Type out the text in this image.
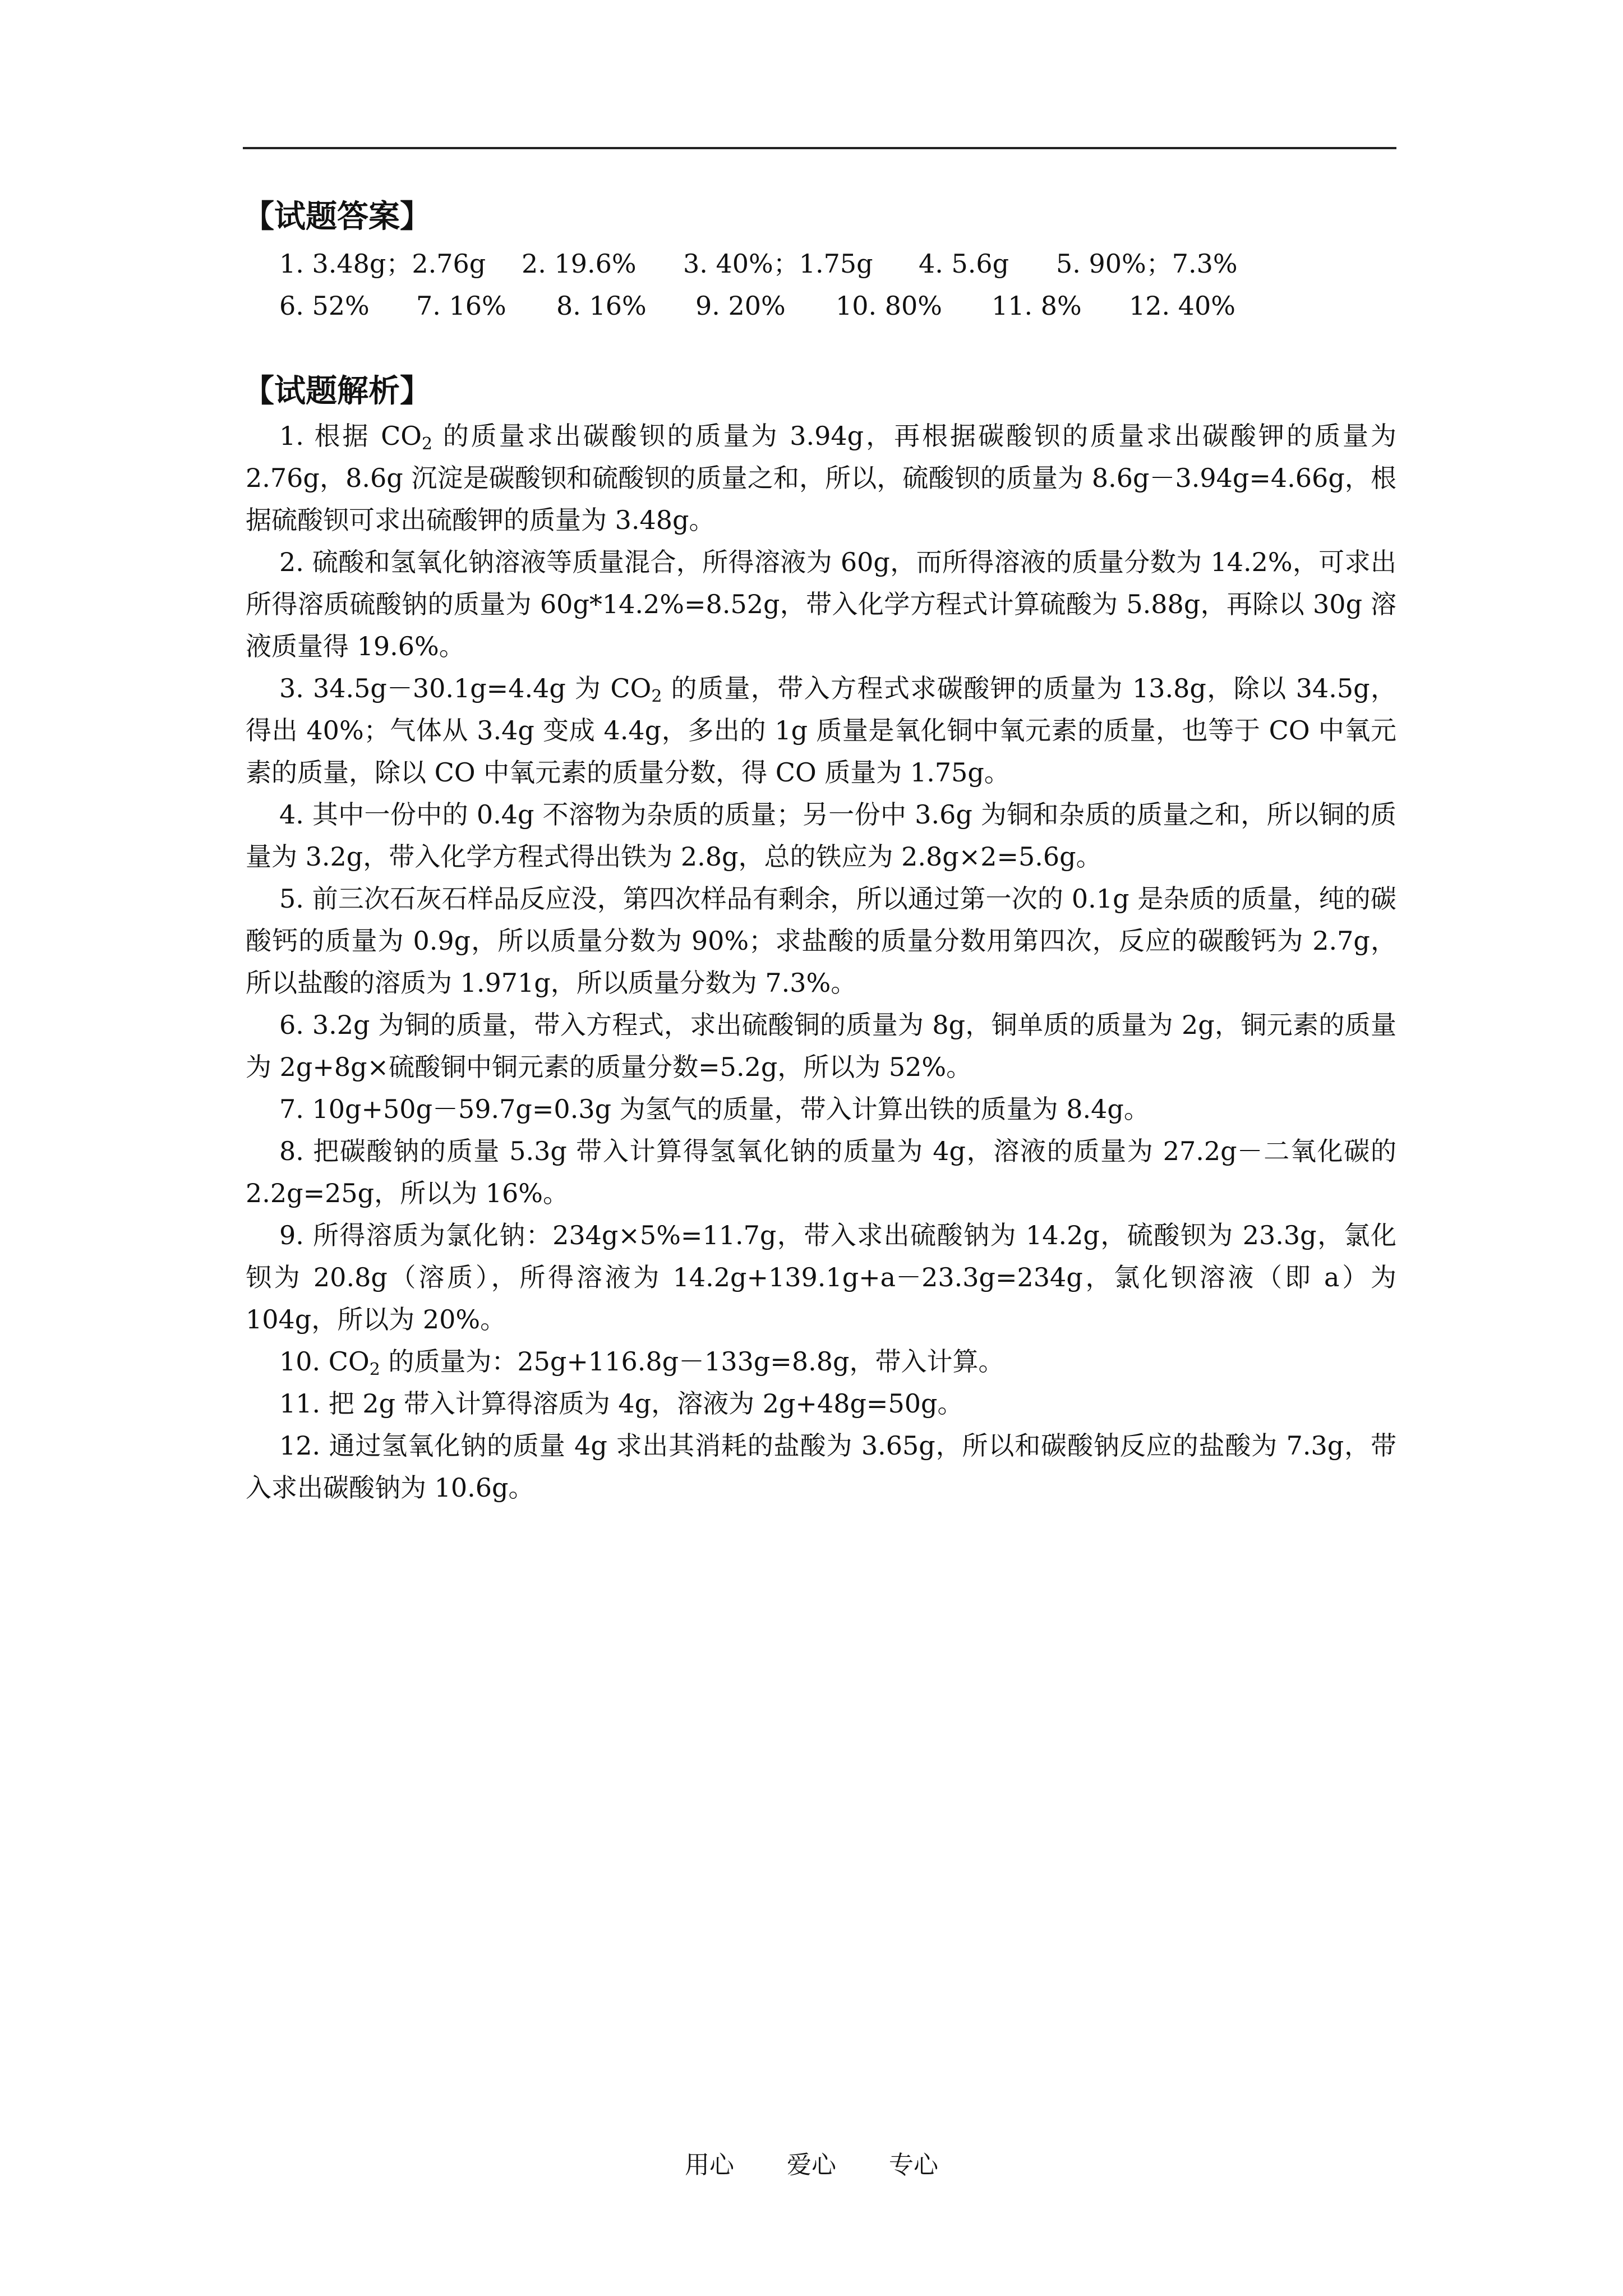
【试题答案】
1. 3.48g；2.76g 2. 19.6% 3. 40%；1.75g 4. 5.6g 5. 90%；7.3%
6. 52% 7. 16% 8. 16% 9. 20% 10. 80% 11. 8% 12. 40%
【试题解析】

1. 根据 $CO_2$ 的质量求出碳酸钡的质量为 3.94g，再根据碳酸钡的质量求出碳酸钾的质量为 2.76g，8.6g 沉淀是碳酸钡和硫酸钡的质量之和，所以，硫酸钡的质量为 8.6g－3.94g=4.66g，根据硫酸钡可求出硫酸钾的质量为 3.48g。

2. 硫酸和氢氧化钠溶液等质量混合，所得溶液为 60g，而所得溶液的质量分数为 14.2%，可求出所得溶质硫酸钠的质量为 60g*14.2%=8.52g，带入化学方程式计算硫酸为 5.88g，再除以 30g 溶液质量得 19.6%。

3. 34.5g－30.1g=4.4g 为 $CO_2$ 的质量，带入方程式求碳酸钾的质量为 13.8g，除以 34.5g，得出 40%；气体从 3.4g 变成 4.4g，多出的 1g 质量是氧化铜中氧元素的质量，也等于 CO 中氧元素的质量，除以 CO 中氧元素的质量分数，得 CO 质量为 1.75g。

4. 其中一份中的 0.4g 不溶物为杂质的质量；另一份中 3.6g 为铜和杂质的质量之和，所以铜的质量为 3.2g，带入化学方程式得出铁为 2.8g，总的铁应为 2.8g×2=5.6g。

5. 前三次石灰石样品反应没，第四次样品有剩余，所以通过第一次的 0.1g 是杂质的质量，纯的碳酸钙的质量为 0.9g，所以质量分数为 90%；求盐酸的质量分数用第四次，反应的碳酸钙为 2.7g，所以盐酸的溶质为 1.971g，所以质量分数为 7.3%。

6. 3.2g 为铜的质量，带入方程式，求出硫酸铜的质量为 8g，铜单质的质量为 2g，铜元素的质量为 2g+8g×硫酸铜中铜元素的质量分数=5.2g，所以为 52%。

7. 10g+50g－59.7g=0.3g 为氢气的质量，带入计算出铁的质量为 8.4g。

8. 把碳酸钠的质量 5.3g 带入计算得氢氧化钠的质量为 4g，溶液的质量为 27.2g－二氧化碳的 2.2g=25g，所以为 16%。

9. 所得溶质为氯化钠：234g×5%=11.7g，带入求出硫酸钠为 14.2g，硫酸钡为 23.3g，氯化钡为 20.8g（溶质），所得溶液为 14.2g+139.1g+a－23.3g=234g，氯化钡溶液（即 a）为 104g，所以为 20%。

10. $CO_2$ 的质量为：25g+116.8g－133g=8.8g，带入计算。

11. 把 2g 带入计算得溶质为 4g，溶液为 2g+48g=50g。

12. 通过氢氧化钠的质量 4g 求出其消耗的盐酸为 3.65g，所以和碳酸钠反应的盐酸为 7.3g，带入求出碳酸钠为 10.6g。

用心 爱心 专心
